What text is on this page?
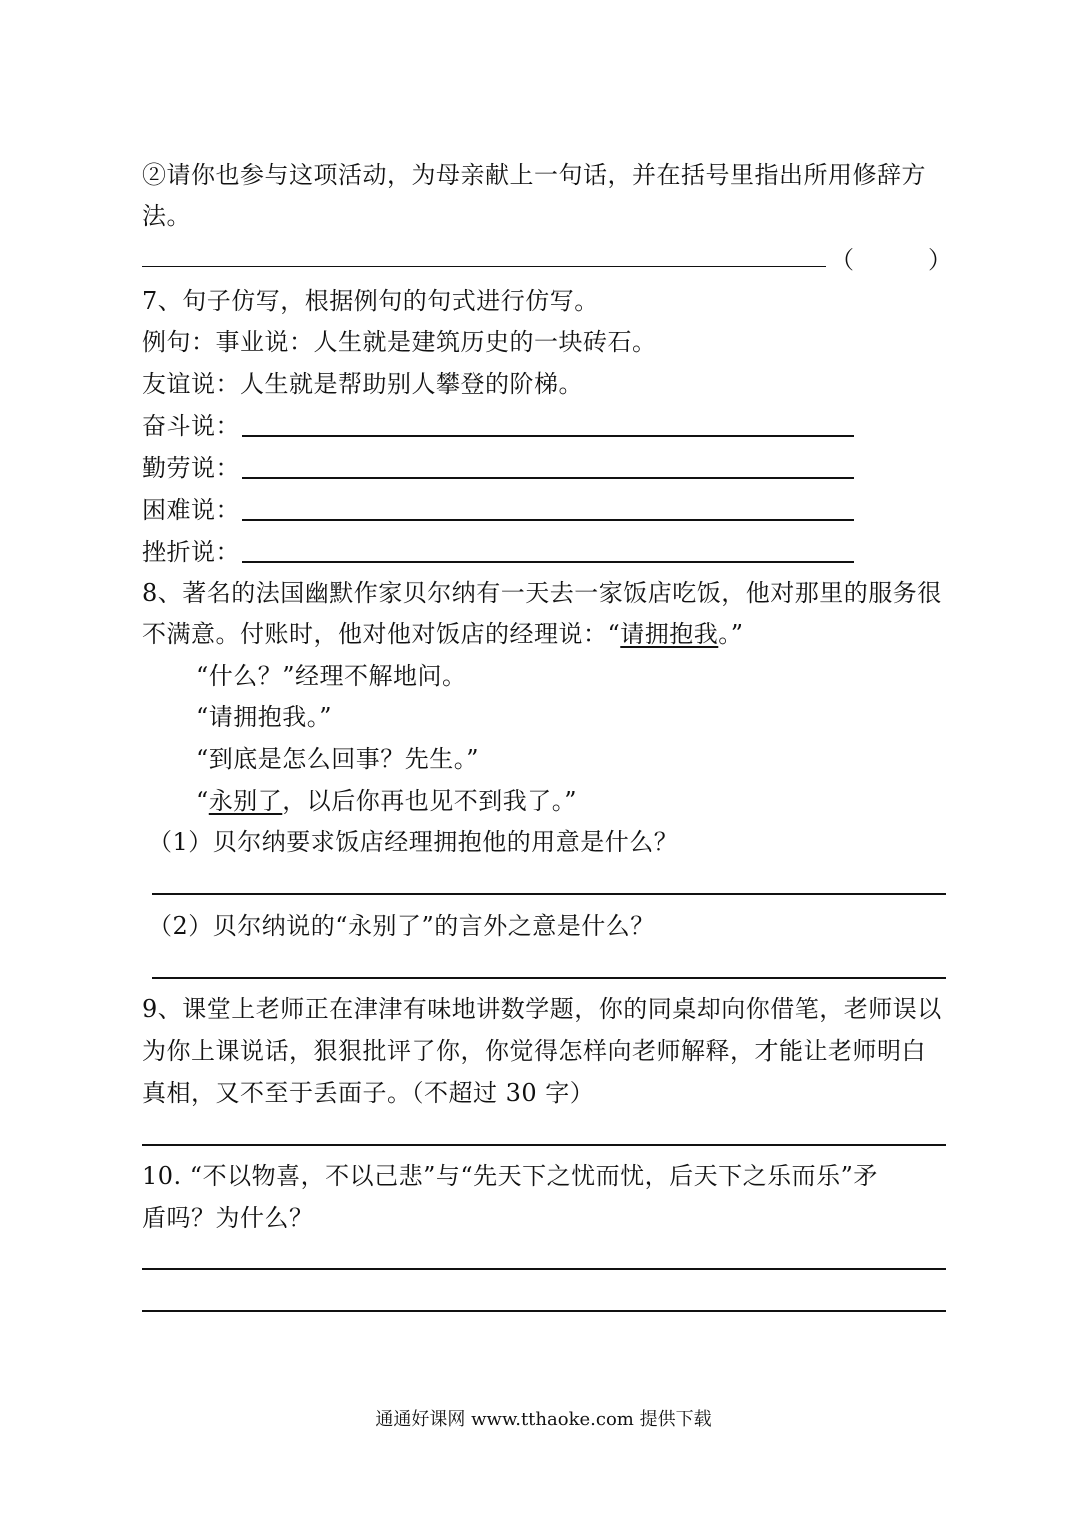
②请你也参与这项活动，为母亲献上一句话，并在括号里指出所用修辞方
法。
（	）
7、句子仿写，根据例句的句式进行仿写。
例句：事业说：人生就是建筑历史的一块砖石。
友谊说：人生就是帮助别人攀登的阶梯。
奋斗说：
勤劳说：
困难说：
挫折说：
8、著名的法国幽默作家贝尔纳有一天去一家饭店吃饭，他对那里的服务很
不满意。付账时，他对他对饭店的经理说：“请拥抱我。”
“什么？”经理不解地问。
“请拥抱我。”
“到底是怎么回事？先生。”
“永别了，以后你再也见不到我了。”
（1）贝尔纳要求饭店经理拥抱他的用意是什么？
（2）贝尔纳说的“永别了”的言外之意是什么？
9、课堂上老师正在津津有味地讲数学题，你的同桌却向你借笔，老师误以
为你上课说话，狠狠批评了你，你觉得怎样向老师解释，才能让老师明白
真相，又不至于丢面子。（不超过 30 字）
10. “不以物喜，不以己悲”与“先天下之忧而忧，后天下之乐而乐”矛
盾吗？为什么？
通通好课网 www.tthaoke.com 提供下载
